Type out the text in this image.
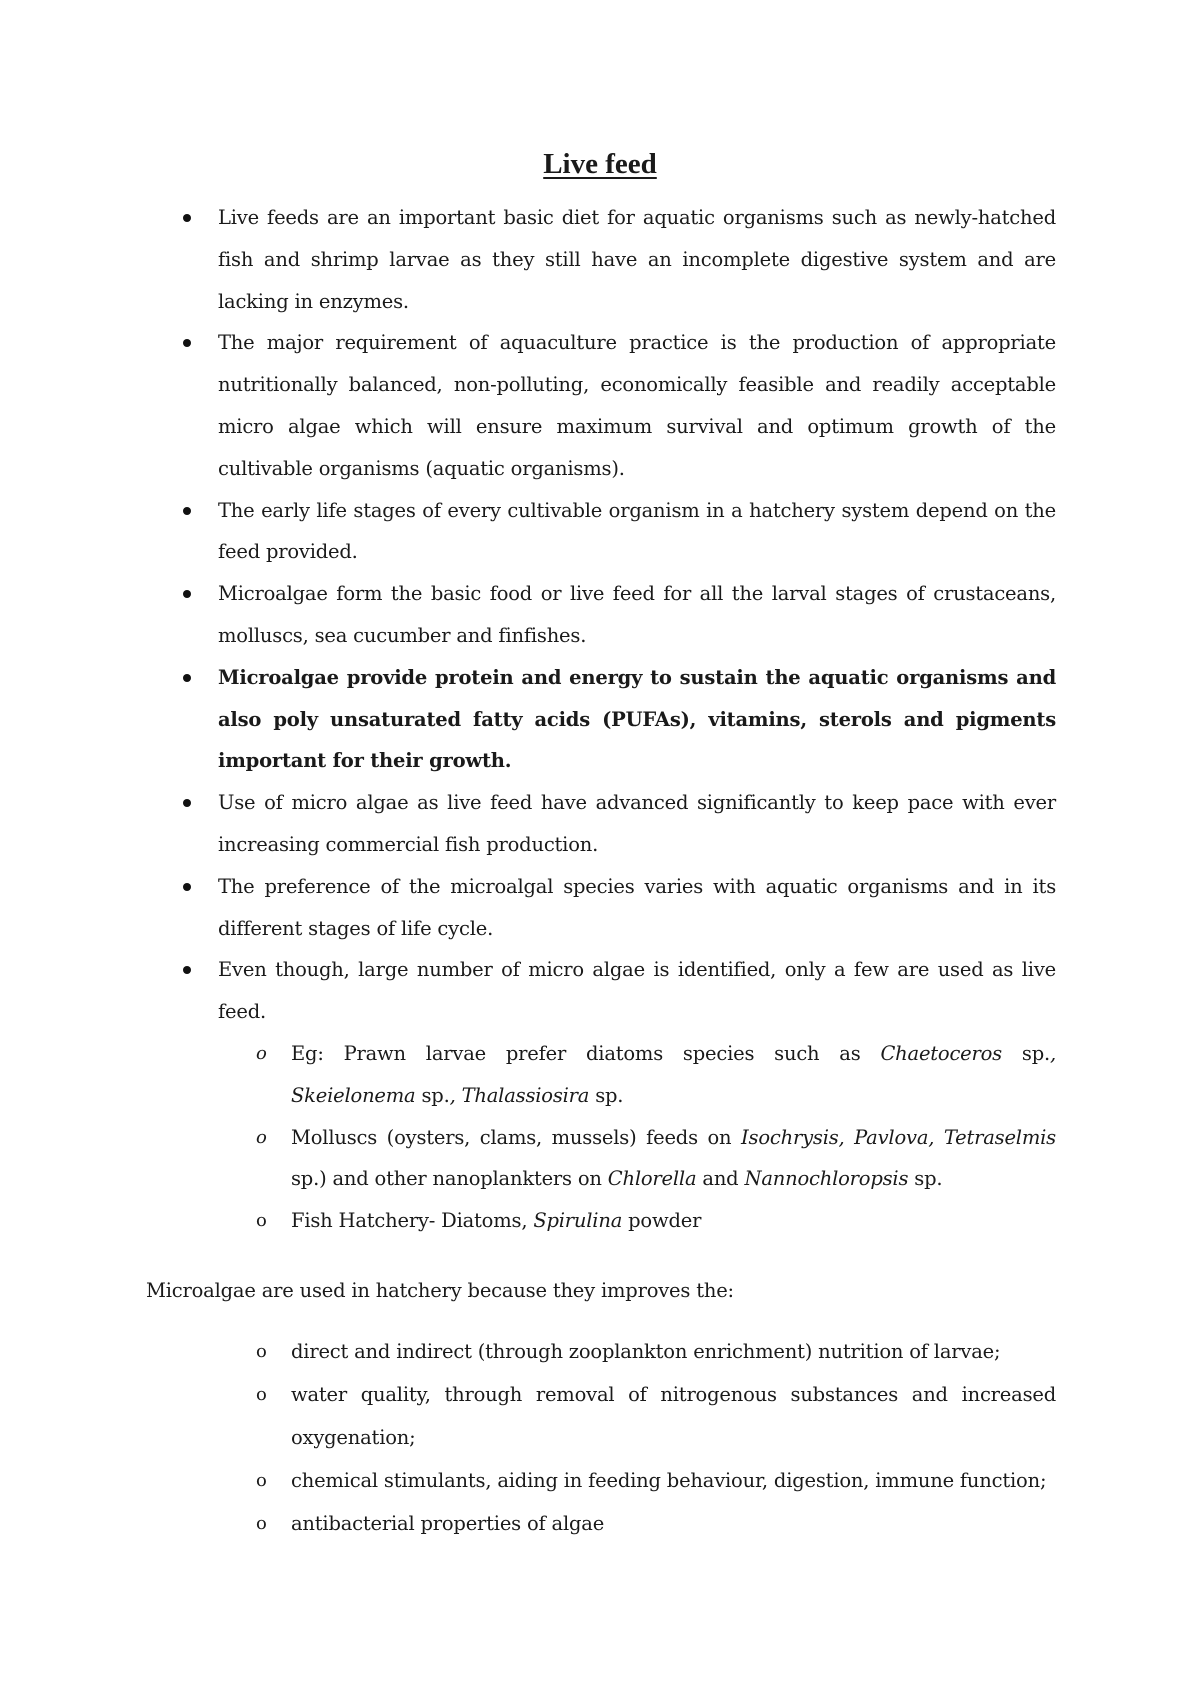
Live feed
Live feeds are an important basic diet for aquatic organisms such as newly-hatched fish and shrimp larvae as they still have an incomplete digestive system and are lacking in enzymes.
The major requirement of aquaculture practice is the production of appropriate nutritionally balanced, non-polluting, economically feasible and readily acceptable micro algae which will ensure maximum survival and optimum growth of the cultivable organisms (aquatic organisms).
The early life stages of every cultivable organism in a hatchery system depend on the feed provided.
Microalgae form the basic food or live feed for all the larval stages of crustaceans, molluscs, sea cucumber and finfishes.
Microalgae provide protein and energy to sustain the aquatic organisms and also poly unsaturated fatty acids (PUFAs), vitamins, sterols and pigments important for their growth.
Use of micro algae as live feed have advanced significantly to keep pace with ever increasing commercial fish production.
The preference of the microalgal species varies with aquatic organisms and in its different stages of life cycle.
Even though, large number of micro algae is identified, only a few are used as live feed.
o Eg: Prawn larvae prefer diatoms species such as Chaetoceros sp., Skeielonema sp., Thalassiosira sp.
o Molluscs (oysters, clams, mussels) feeds on Isochrysis, Pavlova, Tetraselmis sp.) and other nanoplankters on Chlorella and Nannochloropsis sp.
o Fish Hatchery- Diatoms, Spirulina powder

Microalgae are used in hatchery because they improves the:

o direct and indirect (through zooplankton enrichment) nutrition of larvae;
o water quality, through removal of nitrogenous substances and increased oxygenation;
o chemical stimulants, aiding in feeding behaviour, digestion, immune function;
o antibacterial properties of algae
